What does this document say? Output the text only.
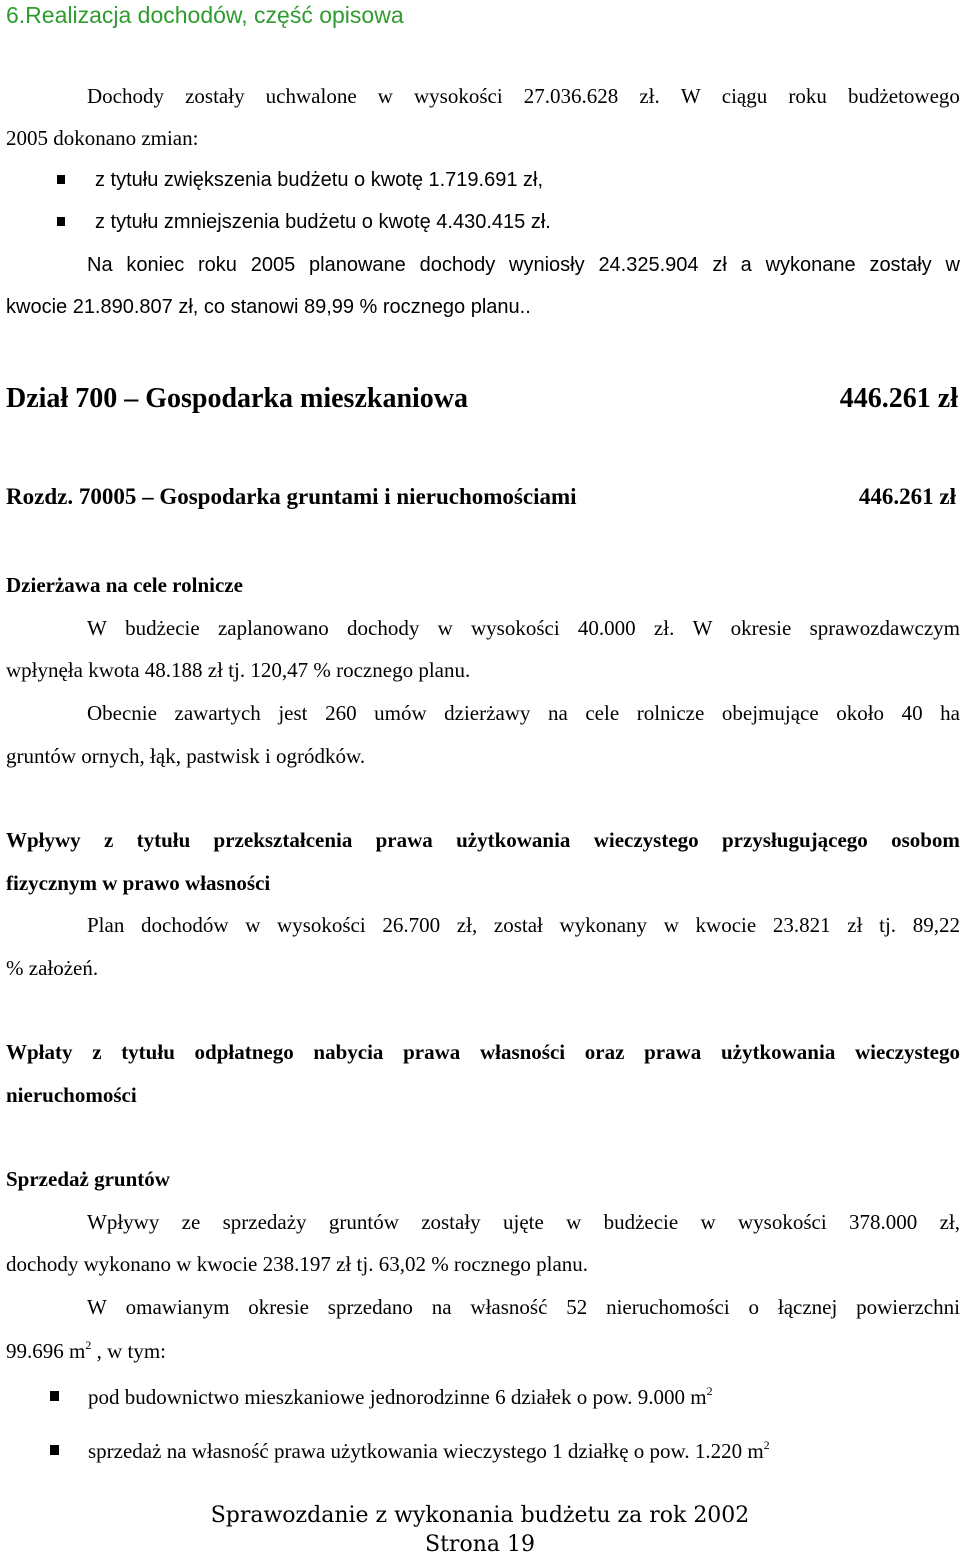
6.Realizacja dochodów, część opisowa
Dochody zostały uchwalone w wysokości 27.036.628 zł. W ciągu roku budżetowego
2005 dokonano zmian:
z tytułu zwiększenia budżetu o kwotę 1.719.691 zł,
z tytułu zmniejszenia budżetu o kwotę 4.430.415 zł.
Na koniec roku 2005 planowane dochody wyniosły 24.325.904 zł a wykonane zostały w
kwocie 21.890.807 zł, co stanowi 89,99 % rocznego planu..
Dział 700 – Gospodarka mieszkaniowa	446.261 zł
Rozdz. 70005 – Gospodarka gruntami i nieruchomościami	446.261 zł
Dzierżawa na cele rolnicze
W budżecie zaplanowano dochody w wysokości 40.000 zł. W okresie sprawozdawczym
wpłynęła kwota 48.188 zł tj. 120,47 % rocznego planu.
Obecnie zawartych jest 260 umów dzierżawy na cele rolnicze obejmujące około 40 ha
gruntów ornych, łąk, pastwisk i ogródków.
Wpływy z tytułu przekształcenia prawa użytkowania wieczystego przysługującego osobom
fizycznym w prawo własności
Plan dochodów w wysokości 26.700 zł, został wykonany w kwocie 23.821 zł tj. 89,22
% założeń.
Wpłaty z tytułu odpłatnego nabycia prawa własności oraz prawa użytkowania wieczystego
nieruchomości
Sprzedaż gruntów
Wpływy ze sprzedaży gruntów zostały ujęte w budżecie w wysokości 378.000 zł,
dochody wykonano w kwocie 238.197 zł tj. 63,02 % rocznego planu.
W omawianym okresie sprzedano na własność 52 nieruchomości o łącznej powierzchni
99.696 $m^2$ , w tym:
pod budownictwo mieszkaniowe jednorodzinne 6 działek o pow. 9.000 $m^2$
sprzedaż na własność prawa użytkowania wieczystego 1 działkę o pow. 1.220 $m^2$
Sprawozdanie z wykonania budżetu za rok 2002
Strona 19
